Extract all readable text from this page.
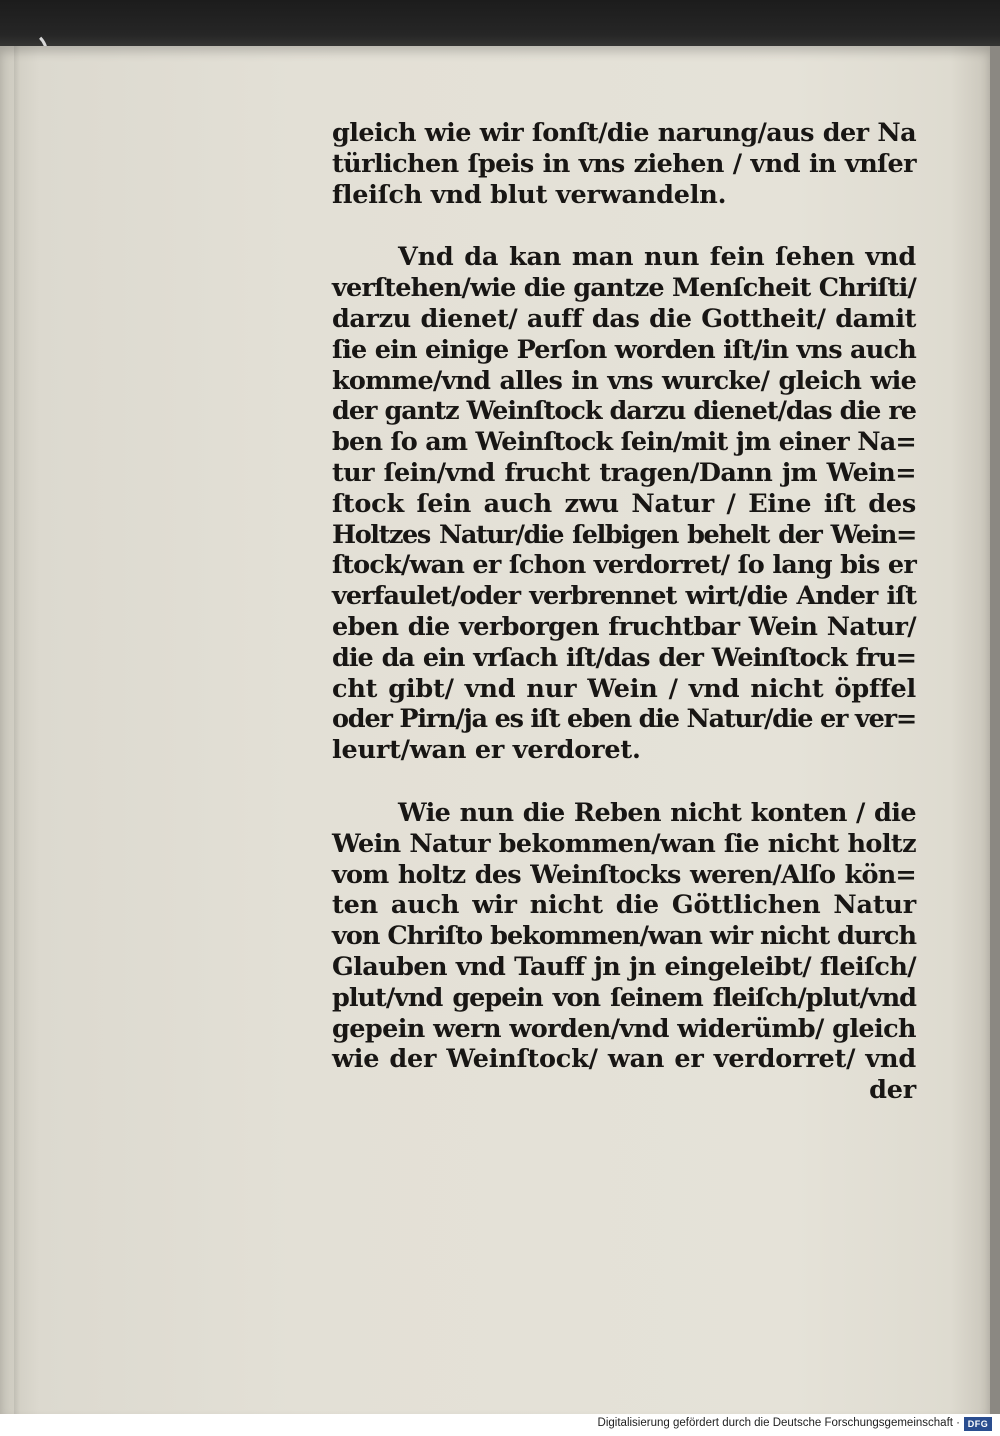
gleich wie wir ſonſt/die narung/aus der Na
türlichen ſpeis in vns ziehen / vnd in vnſer
fleiſch vnd blut verwandeln.
Vnd da kan man nun fein ſehen vnd
verſtehen/wie die gantze Menſcheit Chriſti/
darzu dienet/ auff das die Gottheit/ damit
ſie ein einige Perſon worden iſt/in vns auch
komme/vnd alles in vns wurcke/ gleich wie
der gantz Weinſtock darzu dienet/das die re
ben ſo am Weinſtock ſein/mit jm einer Na=
tur ſein/vnd frucht tragen/Dann jm Wein=
ſtock ſein auch zwu Natur / Eine iſt des
Holtzes Natur/die ſelbigen behelt der Wein=
ſtock/wan er ſchon verdorret/ ſo lang bis er
verfaulet/oder verbrennet wirt/die Ander iſt
eben die verborgen fruchtbar Wein Natur/
die da ein vrſach iſt/das der Weinſtock fru=
cht gibt/ vnd nur Wein / vnd nicht öpffel
oder Pirn/ja es iſt eben die Natur/die er ver=
leurt/wan er verdoret.
Wie nun die Reben nicht konten / die
Wein Natur bekommen/wan ſie nicht holtz
vom holtz des Weinſtocks weren/Alſo kön=
ten auch wir nicht die Göttlichen Natur
von Chriſto bekommen/wan wir nicht durch
Glauben vnd Tauff jn jn eingeleibt/ fleiſch/
plut/vnd gepein von ſeinem fleiſch/plut/vnd
gepein wern worden/vnd widerümb/ gleich
wie der Weinſtock/ wan er verdorret/ vnd
der
Digitalisierung gefördert durch die Deutsche Forschungsgemeinschaft · DFG
